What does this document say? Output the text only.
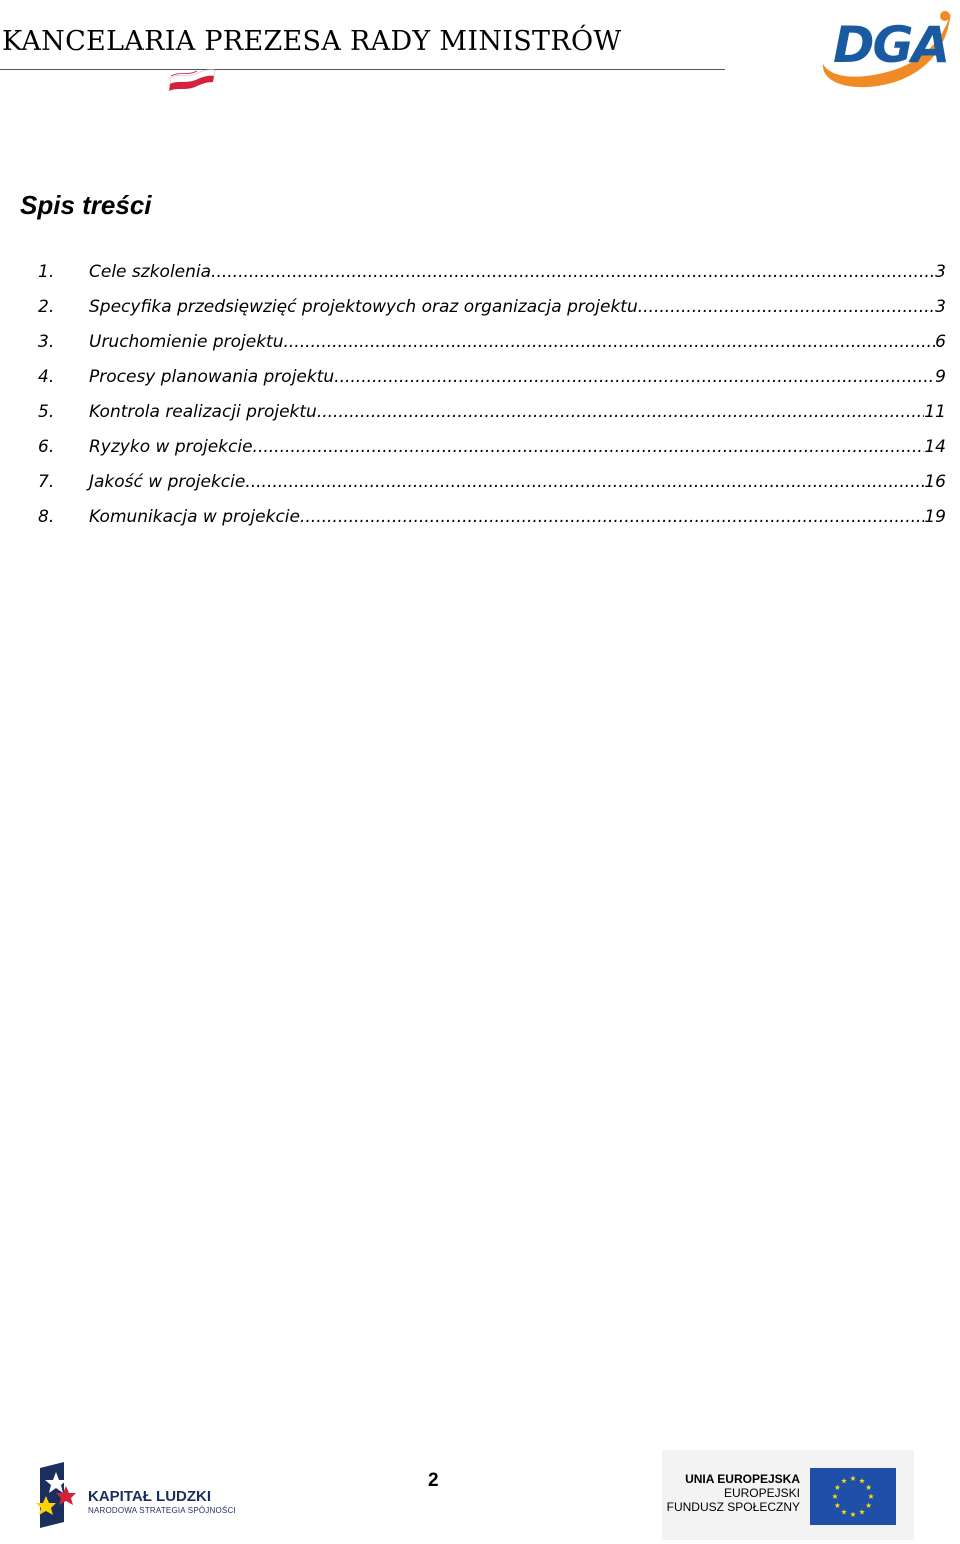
KANCELARIA PREZESA RADY MINISTRÓW	DGA
Spis treści
1.	Cele szkolenia. .....	3
2.	Specyfika przedsięwzięć projektowych oraz organizacja projektu. .....	3
3.	Uruchomienie projektu. .....	6
4.	Procesy planowania projektu. .....	9
5.	Kontrola realizacji projektu. .....	11
6.	Ryzyko w projekcie. .....	14
7.	Jakość w projekcie. .....	16
8.	Komunikacja w projekcie. .....	19
KAPITAŁ LUDZKI
NARODOWA STRATEGIA SPÓJNOŚCI
2	UNIA EUROPEJSKA
EUROPEJSKI
FUNDUSZ SPOŁECZNY
